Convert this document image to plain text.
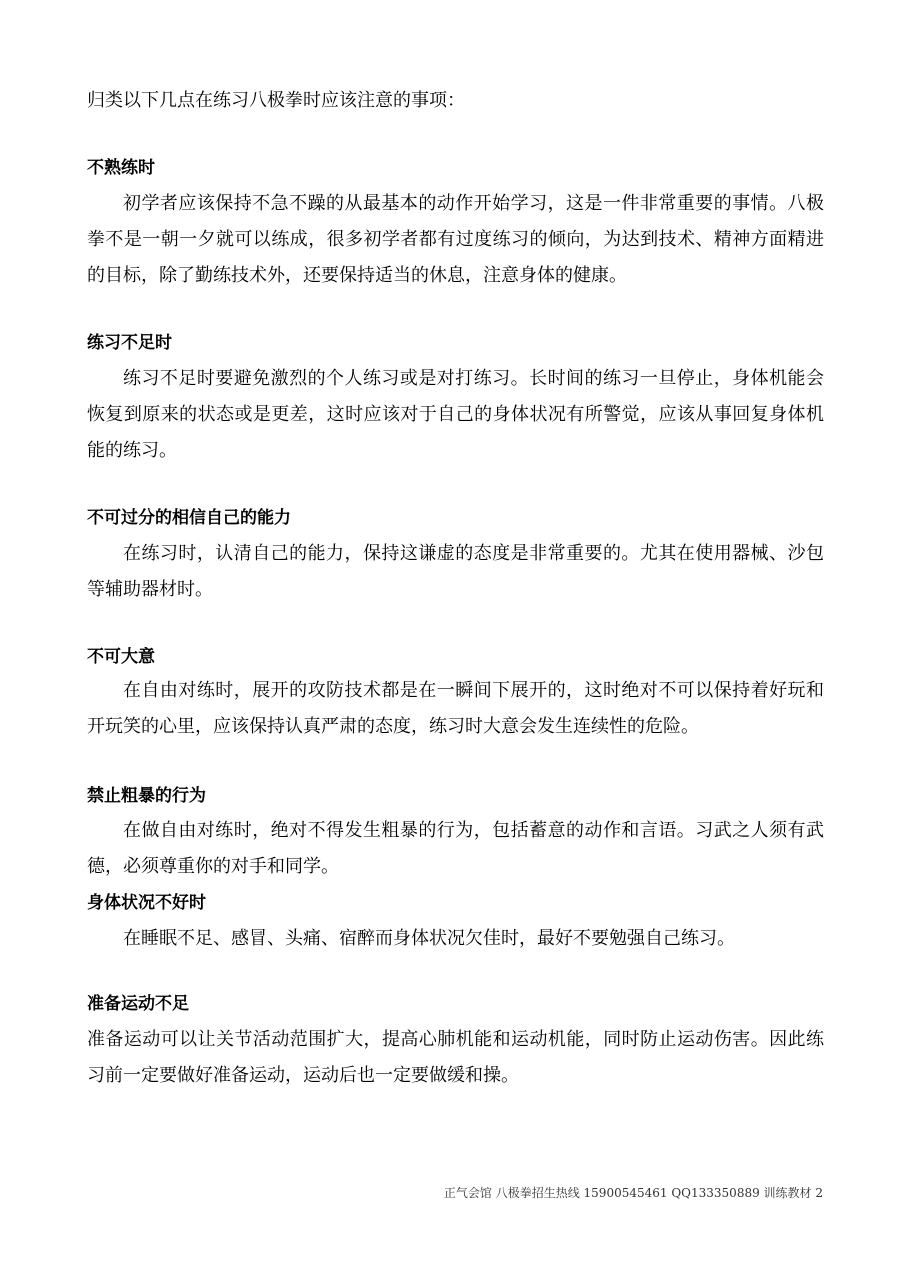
归类以下几点在练习八极拳时应该注意的事项：

不熟练时

初学者应该保持不急不躁的从最基本的动作开始学习，这是一件非常重要的事情。八极拳不是一朝一夕就可以练成，很多初学者都有过度练习的倾向，为达到技术、精神方面精进的目标，除了勤练技术外，还要保持适当的休息，注意身体的健康。

练习不足时

练习不足时要避免激烈的个人练习或是对打练习。长时间的练习一旦停止，身体机能会恢复到原来的状态或是更差，这时应该对于自己的身体状况有所警觉，应该从事回复身体机能的练习。

不可过分的相信自己的能力

在练习时，认清自己的能力，保持这谦虚的态度是非常重要的。尤其在使用器械、沙包等辅助器材时。

不可大意

在自由对练时，展开的攻防技术都是在一瞬间下展开的，这时绝对不可以保持着好玩和开玩笑的心里，应该保持认真严肃的态度，练习时大意会发生连续性的危险。

禁止粗暴的行为

在做自由对练时，绝对不得发生粗暴的行为，包括蓄意的动作和言语。习武之人须有武德，必须尊重你的对手和同学。

身体状况不好时

在睡眠不足、感冒、头痛、宿醉而身体状况欠佳时，最好不要勉强自己练习。

准备运动不足

准备运动可以让关节活动范围扩大，提高心肺机能和运动机能，同时防止运动伤害。因此练习前一定要做好准备运动，运动后也一定要做缓和操。

正气会馆 八极拳招生热线 15900545461 QQ133350889 训练教材 2
